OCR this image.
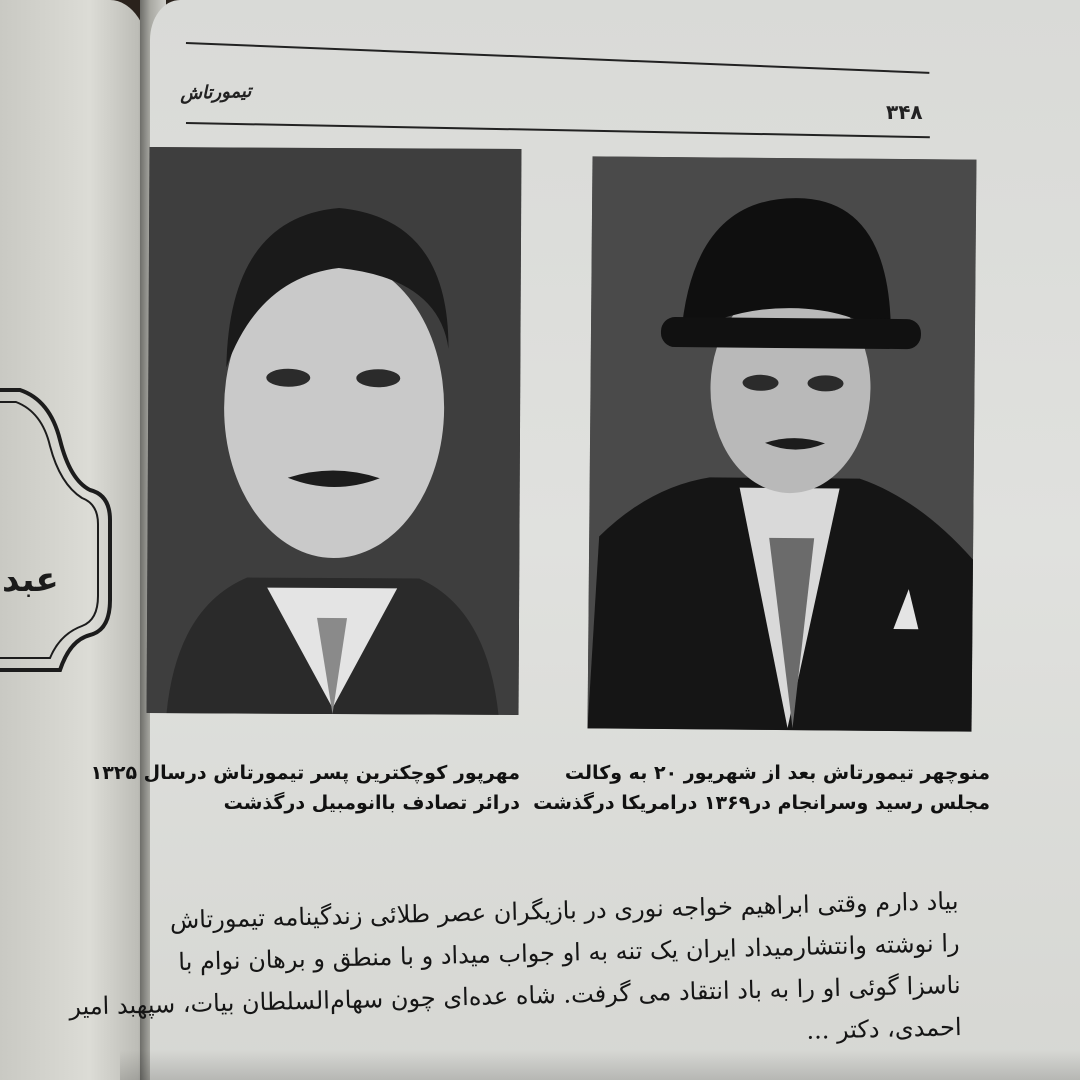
عبد
تیمورتاش
۳۴۸
مهرپور کوچکترین پسر تیمورتاش درسال ۱۳۲۵
درائر تصادف باانومبیل درگذشت
منوچهر تیمورتاش بعد از شهریور ۲۰ به وکالت
مجلس رسید وسرانجام در۱۳۶۹ درامریکا درگذشت
بیاد دارم وقتی ابراهیم خواجه نوری در بازیگران عصر طلائی زندگینامه تیمورتاش
را نوشته وانتشارمیداد ایران یک تنه به او جواب میداد و با منطق و برهان نوام با
ناسزا گوئی او را به باد انتقاد می گرفت. شاه عده‌ای چون سهام‌السلطان بیات، سپهبد امیر
احمدی، دکتر ...
